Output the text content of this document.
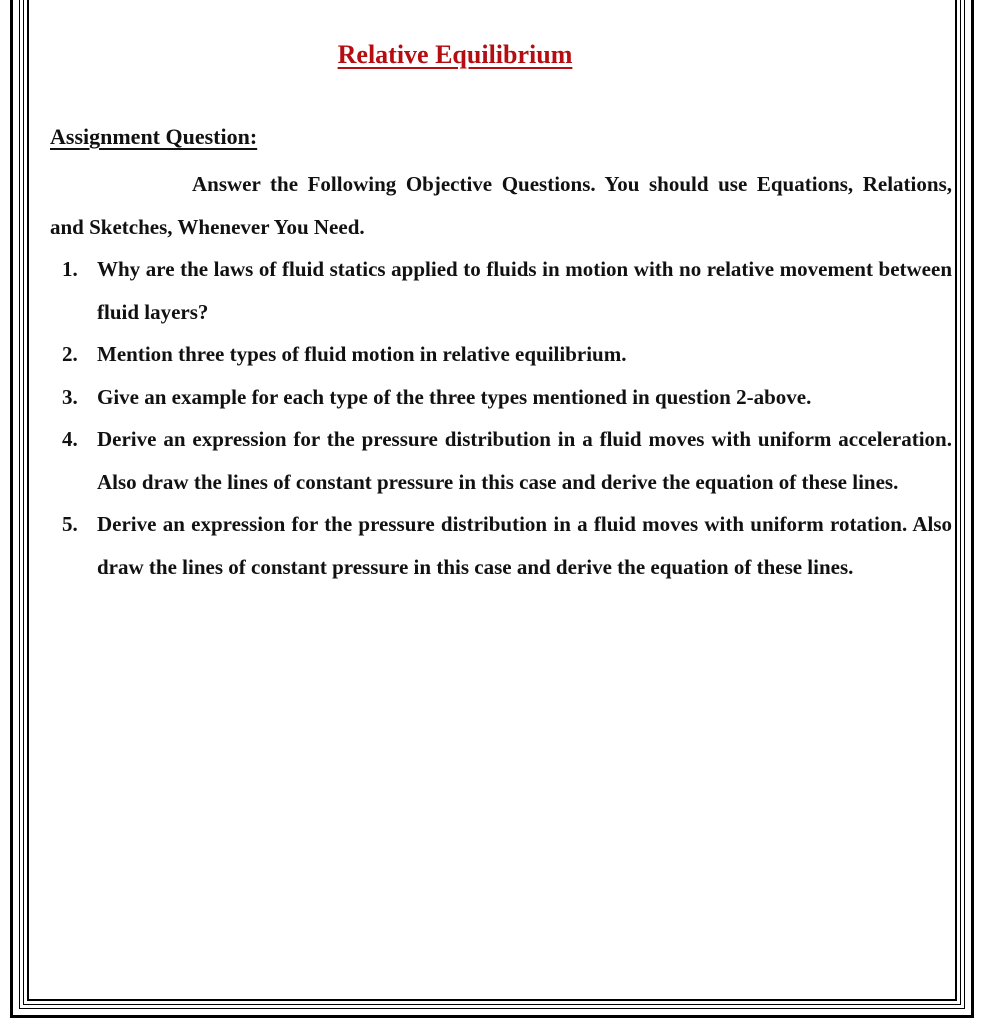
Relative Equilibrium
Assignment Question:

Answer the Following Objective Questions. You should use Equations, Relations, and Sketches, Whenever You Need.

1. Why are the laws of fluid statics applied to fluids in motion with no relative movement between fluid layers?
2. Mention three types of fluid motion in relative equilibrium.
3. Give an example for each type of the three types mentioned in question 2-above.
4. Derive an expression for the pressure distribution in a fluid moves with uniform acceleration. Also draw the lines of constant pressure in this case and derive the equation of these lines.
5. Derive an expression for the pressure distribution in a fluid moves with uniform rotation. Also draw the lines of constant pressure in this case and derive the equation of these lines.
